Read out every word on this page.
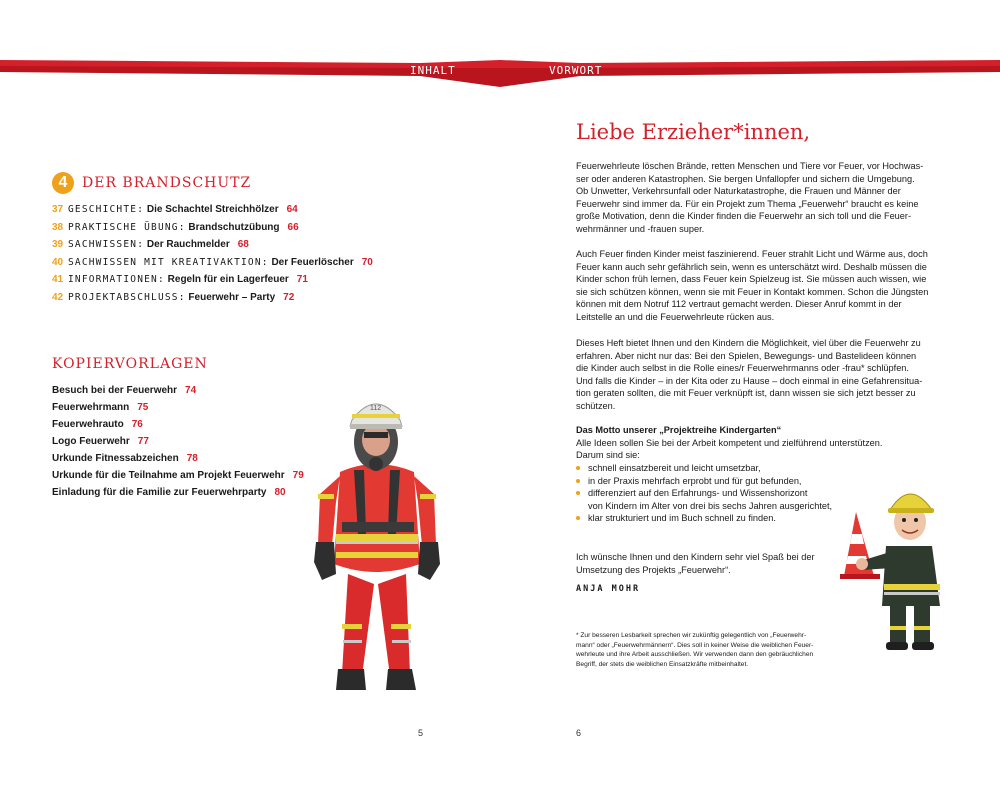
INHALT	VORWORT
4	DER BRANDSCHUTZ
37 GESCHICHTE:
Die Schachtel Streichhölzer 64
38 PRAKTISCHE ÜBUNG:
Brandschutzübung 66
39 SACHWISSEN:
Der Rauchmelder 68
40 SACHWISSEN MIT KREATIVAKTION:
Der Feuerlöscher 70
41 INFORMATIONEN:
Regeln für ein Lagerfeuer 71
42 PROJEKTABSCHLUSS:
Feuerwehr – Party 72
KOPIERVORLAGEN
Besuch bei der Feuerwehr 74
Feuerwehrmann 75
Feuerwehrauto 76
Logo Feuerwehr 77
Urkunde Fitnessabzeichen 78
Urkunde für die Teilnahme am Projekt Feuerwehr 79
Einladung für die Familie zur Feuerwehrparty 80
112
5
Liebe Erzieher*innen,

Feuerwehrleute löschen Brände, retten Menschen und Tiere vor Feuer, vor Hochwas-
ser oder anderen Katastrophen. Sie bergen Unfallopfer und sichern die Umgebung.
Ob Unwetter, Verkehrsunfall oder Naturkatastrophe, die Frauen und Männer der
Feuerwehr sind immer da. Für ein Projekt zum Thema „Feuerwehr“ braucht es keine
große Motivation, denn die Kinder finden die Feuerwehr an sich toll und die Feuer-
wehrmänner und -frauen super.

Auch Feuer finden Kinder meist faszinierend. Feuer strahlt Licht und Wärme aus, doch
Feuer kann auch sehr gefährlich sein, wenn es unterschätzt wird. Deshalb müssen die
Kinder schon früh lernen, dass Feuer kein Spielzeug ist. Sie müssen auch wissen, wie
sie sich schützen können, wenn sie mit Feuer in Kontakt kommen. Schon die Jüngsten
können mit dem Notruf 112 vertraut gemacht werden. Dieser Anruf kommt in der
Leitstelle an und die Feuerwehrleute rücken aus.

Dieses Heft bietet Ihnen und den Kindern die Möglichkeit, viel über die Feuerwehr zu
erfahren. Aber nicht nur das: Bei den Spielen, Bewegungs- und Bastelideen können
die Kinder auch selbst in die Rolle eines/r Feuerwehrmanns oder -frau* schlüpfen.
Und falls die Kinder – in der Kita oder zu Hause – doch einmal in eine Gefahrensitua-
tion geraten sollten, die mit Feuer verknüpft ist, dann wissen sie sich jetzt besser zu
schützen.

Das Motto unserer „Projektreihe Kindergarten“
Alle Ideen sollen Sie bei der Arbeit kompetent und zielführend unterstützen.
Darum sind sie:

schnell einsatzbereit und leicht umsetzbar,
in der Praxis mehrfach erprobt und für gut befunden,
differenziert auf den Erfahrungs- und Wissenshorizont
von Kindern im Alter von drei bis sechs Jahren ausgerichtet,
klar strukturiert und im Buch schnell zu finden.

Ich wünsche Ihnen und den Kindern sehr viel Spaß bei der
Umsetzung des Projekts „Feuerwehr“.

ANJA MOHR

* Zur besseren Lesbarkeit sprechen wir zukünftig gelegentlich von „Feuerwehr-
mann“ oder „Feuerwehrmännern“. Dies soll in keiner Weise die weiblichen Feuer-
wehrleute und ihre Arbeit ausschließen. Wir verwenden dann den gebräuchlichen
Begriff, der stets die weiblichen Einsatzkräfte mitbeinhaltet.

6
